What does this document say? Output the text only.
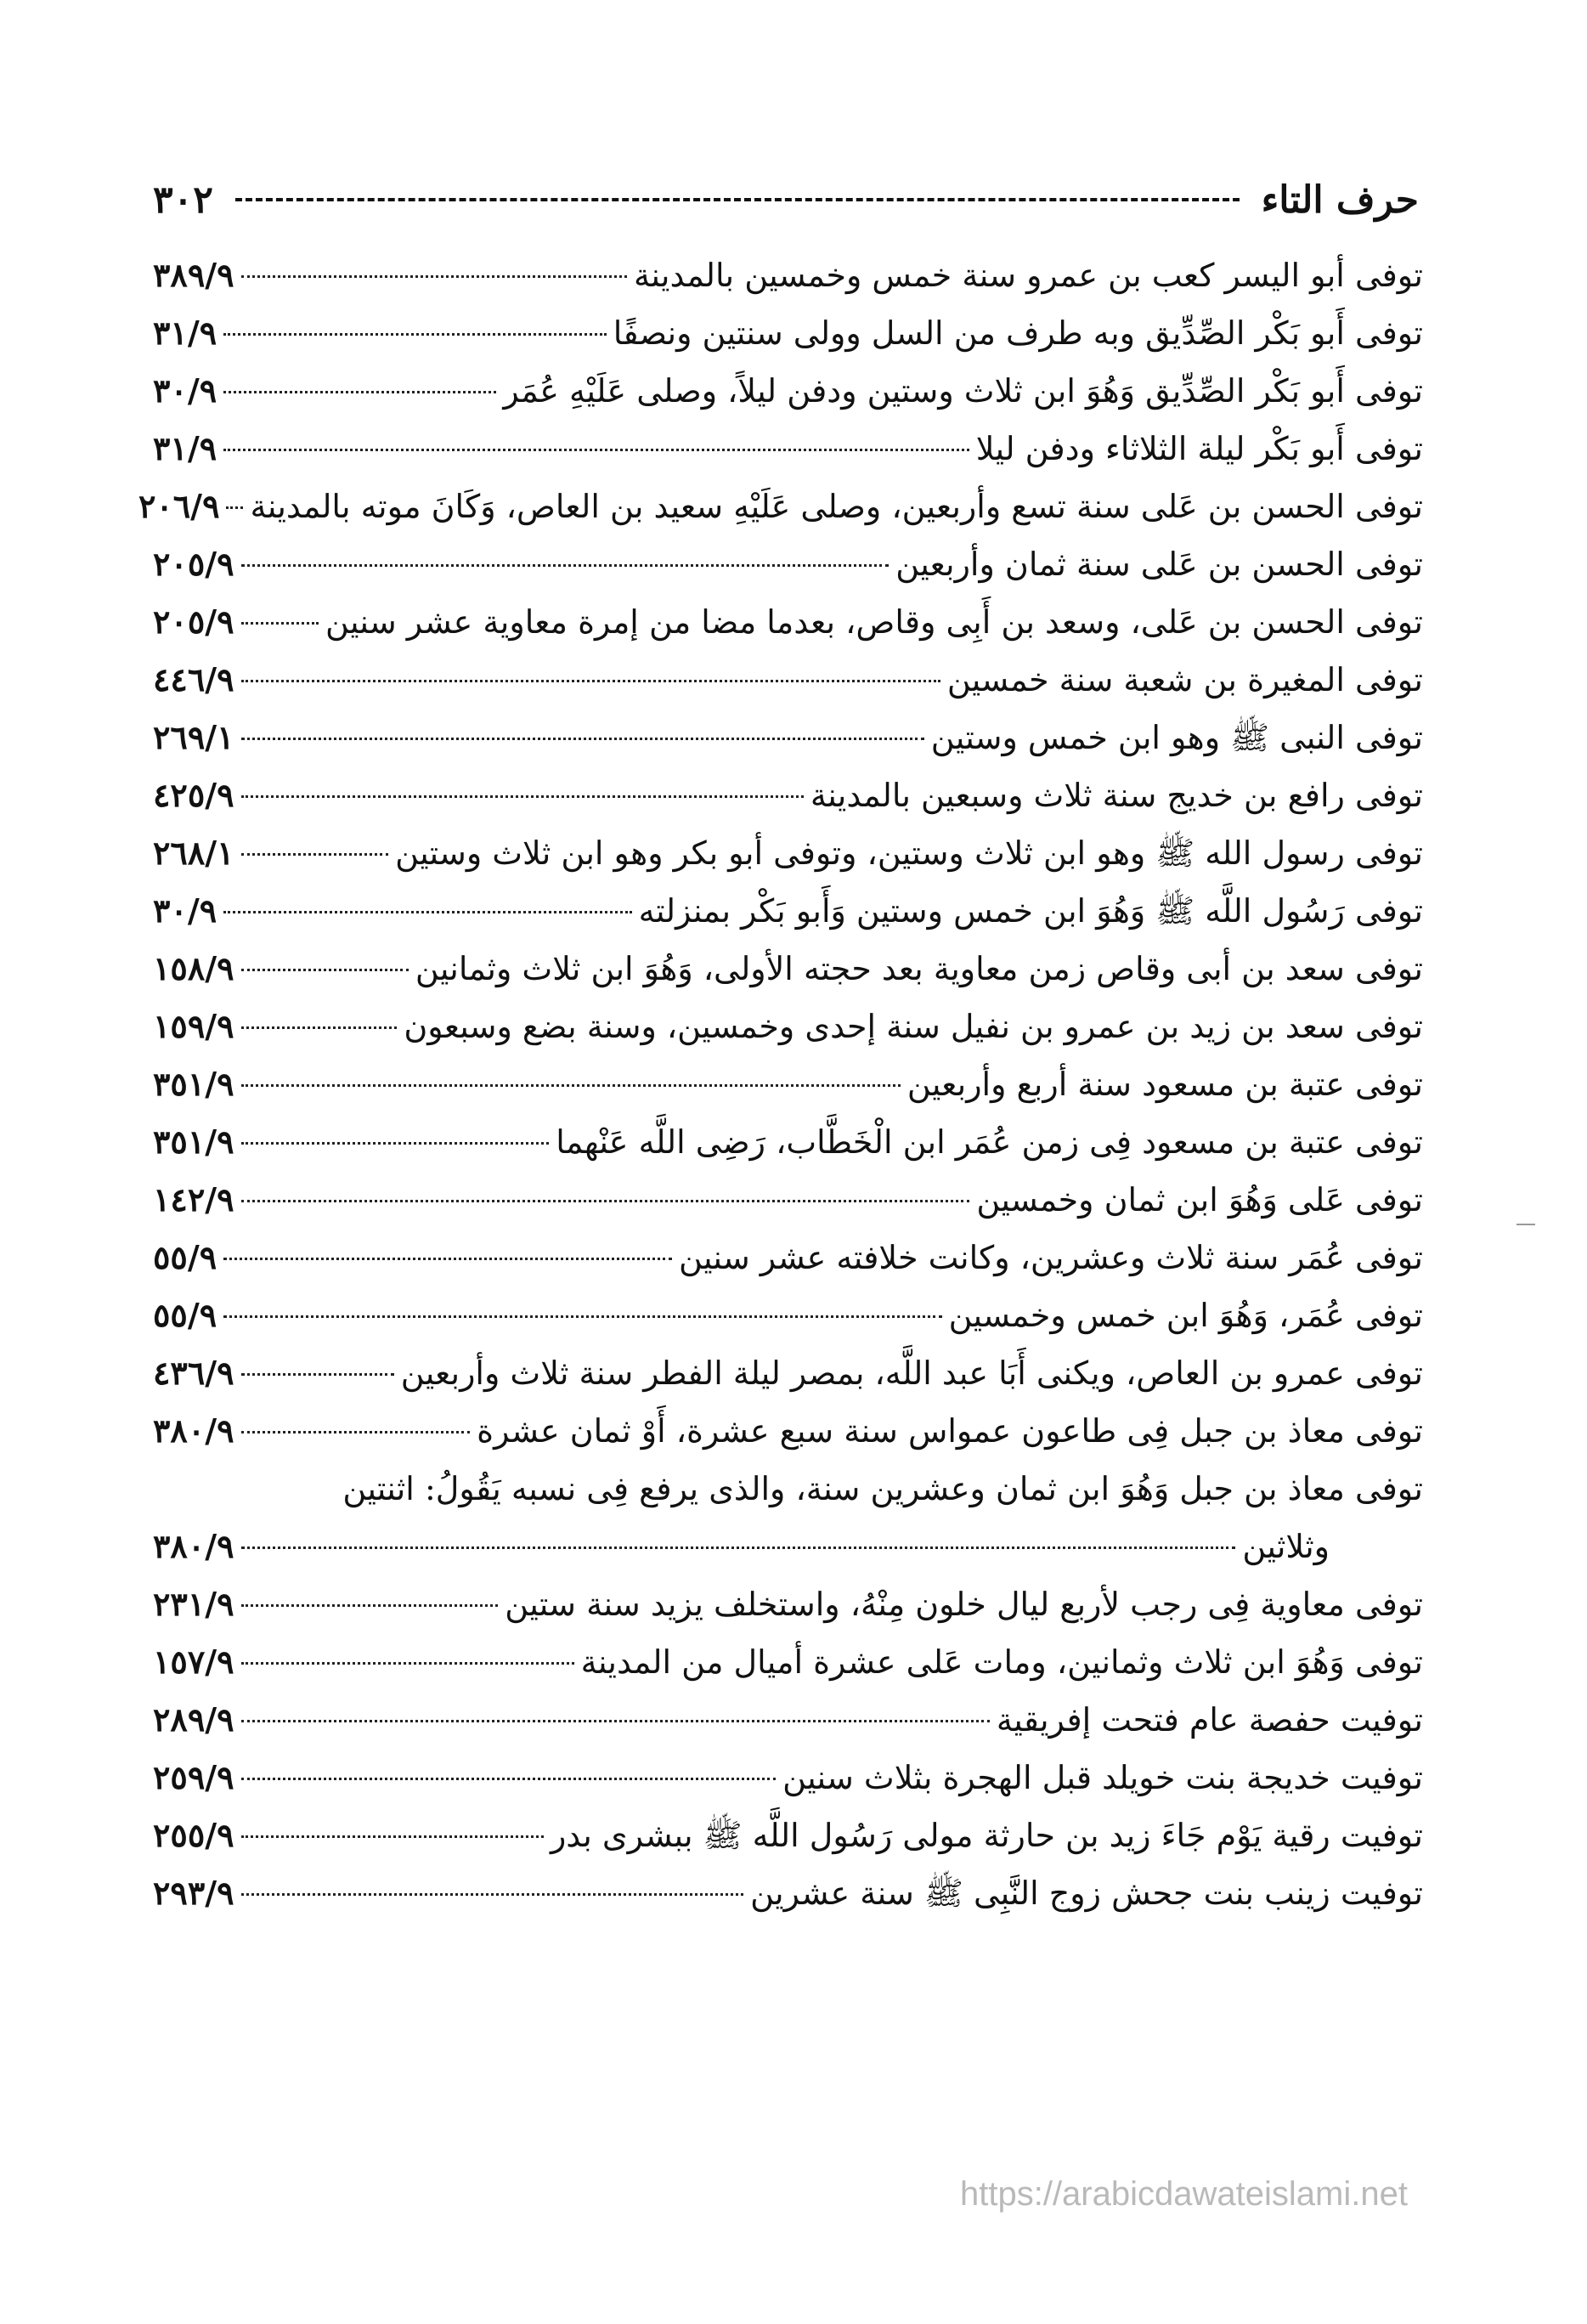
حرف التاء
٣٠٢
توفى أبو اليسر كعب بن عمرو سنة خمس وخمسين بالمدينة
٣٨٩/٩
توفى أَبو بَكْر الصِّدِّيق وبه طرف من السل وولى سنتين ونصفًا
٣١/٩
توفى أَبو بَكْر الصِّدِّيق وَهُوَ ابن ثلاث وستين ودفن ليلاً، وصلى عَلَيْهِ عُمَر
٣٠/٩
توفى أَبو بَكْر ليلة الثلاثاء ودفن ليلا
٣١/٩
توفى الحسن بن عَلى سنة تسع وأربعين، وصلى عَلَيْهِ سعيد بن العاص، وَكَانَ موته بالمدينة
٢٠٦/٩
توفى الحسن بن عَلى سنة ثمان وأربعين
٢٠٥/٩
توفى الحسن بن عَلى، وسعد بن أَبِى وقاص، بعدما مضا من إمرة معاوية عشر سنين
٢٠٥/٩
توفى المغيرة بن شعبة سنة خمسين
٤٤٦/٩
توفى النبى ﷺ وهو ابن خمس وستين
٢٦٩/١
توفى رافع بن خديج سنة ثلاث وسبعين بالمدينة
٤٢٥/٩
توفى رسول الله ﷺ وهو ابن ثلاث وستين، وتوفى أبو بكر وهو ابن ثلاث وستين
٢٦٨/١
توفى رَسُول اللَّه ﷺ وَهُوَ ابن خمس وستين وَأَبو بَكْر بمنزلته
٣٠/٩
توفى سعد بن أبى وقاص زمن معاوية بعد حجته الأولى، وَهُوَ ابن ثلاث وثمانين
١٥٨/٩
توفى سعد بن زيد بن عمرو بن نفيل سنة إحدى وخمسين، وسنة بضع وسبعون
١٥٩/٩
توفى عتبة بن مسعود سنة أربع وأربعين
٣٥١/٩
توفى عتبة بن مسعود فِى زمن عُمَر ابن الْخَطَّاب، رَضِى اللَّه عَنْهما
٣٥١/٩
توفى عَلى وَهُوَ ابن ثمان وخمسين
١٤٢/٩
توفى عُمَر سنة ثلاث وعشرين، وكانت خلافته عشر سنين
٥٥/٩
توفى عُمَر، وَهُوَ ابن خمس وخمسين
٥٥/٩
توفى عمرو بن العاص، ويكنى أَبَا عبد اللَّه، بمصر ليلة الفطر سنة ثلاث وأربعين
٤٣٦/٩
توفى معاذ بن جبل فِى طاعون عمواس سنة سبع عشرة، أَوْ ثمان عشرة
٣٨٠/٩
توفى معاذ بن جبل وَهُوَ ابن ثمان وعشرين سنة، والذى يرفع فِى نسبه يَقُولُ: اثنتين
وثلاثين
٣٨٠/٩
توفى معاوية فِى رجب لأربع ليال خلون مِنْهُ، واستخلف يزيد سنة ستين
٢٣١/٩
توفى وَهُوَ ابن ثلاث وثمانين، ومات عَلى عشرة أميال من المدينة
١٥٧/٩
توفيت حفصة عام فتحت إفريقية
٢٨٩/٩
توفيت خديجة بنت خويلد قبل الهجرة بثلاث سنين
٢٥٩/٩
توفيت رقية يَوْم جَاءَ زيد بن حارثة مولى رَسُول اللَّه ﷺ ببشرى بدر
٢٥٥/٩
توفيت زينب بنت جحش زوج النَّبِى ﷺ سنة عشرين
٢٩٣/٩
https://arabicdawateislami.net
